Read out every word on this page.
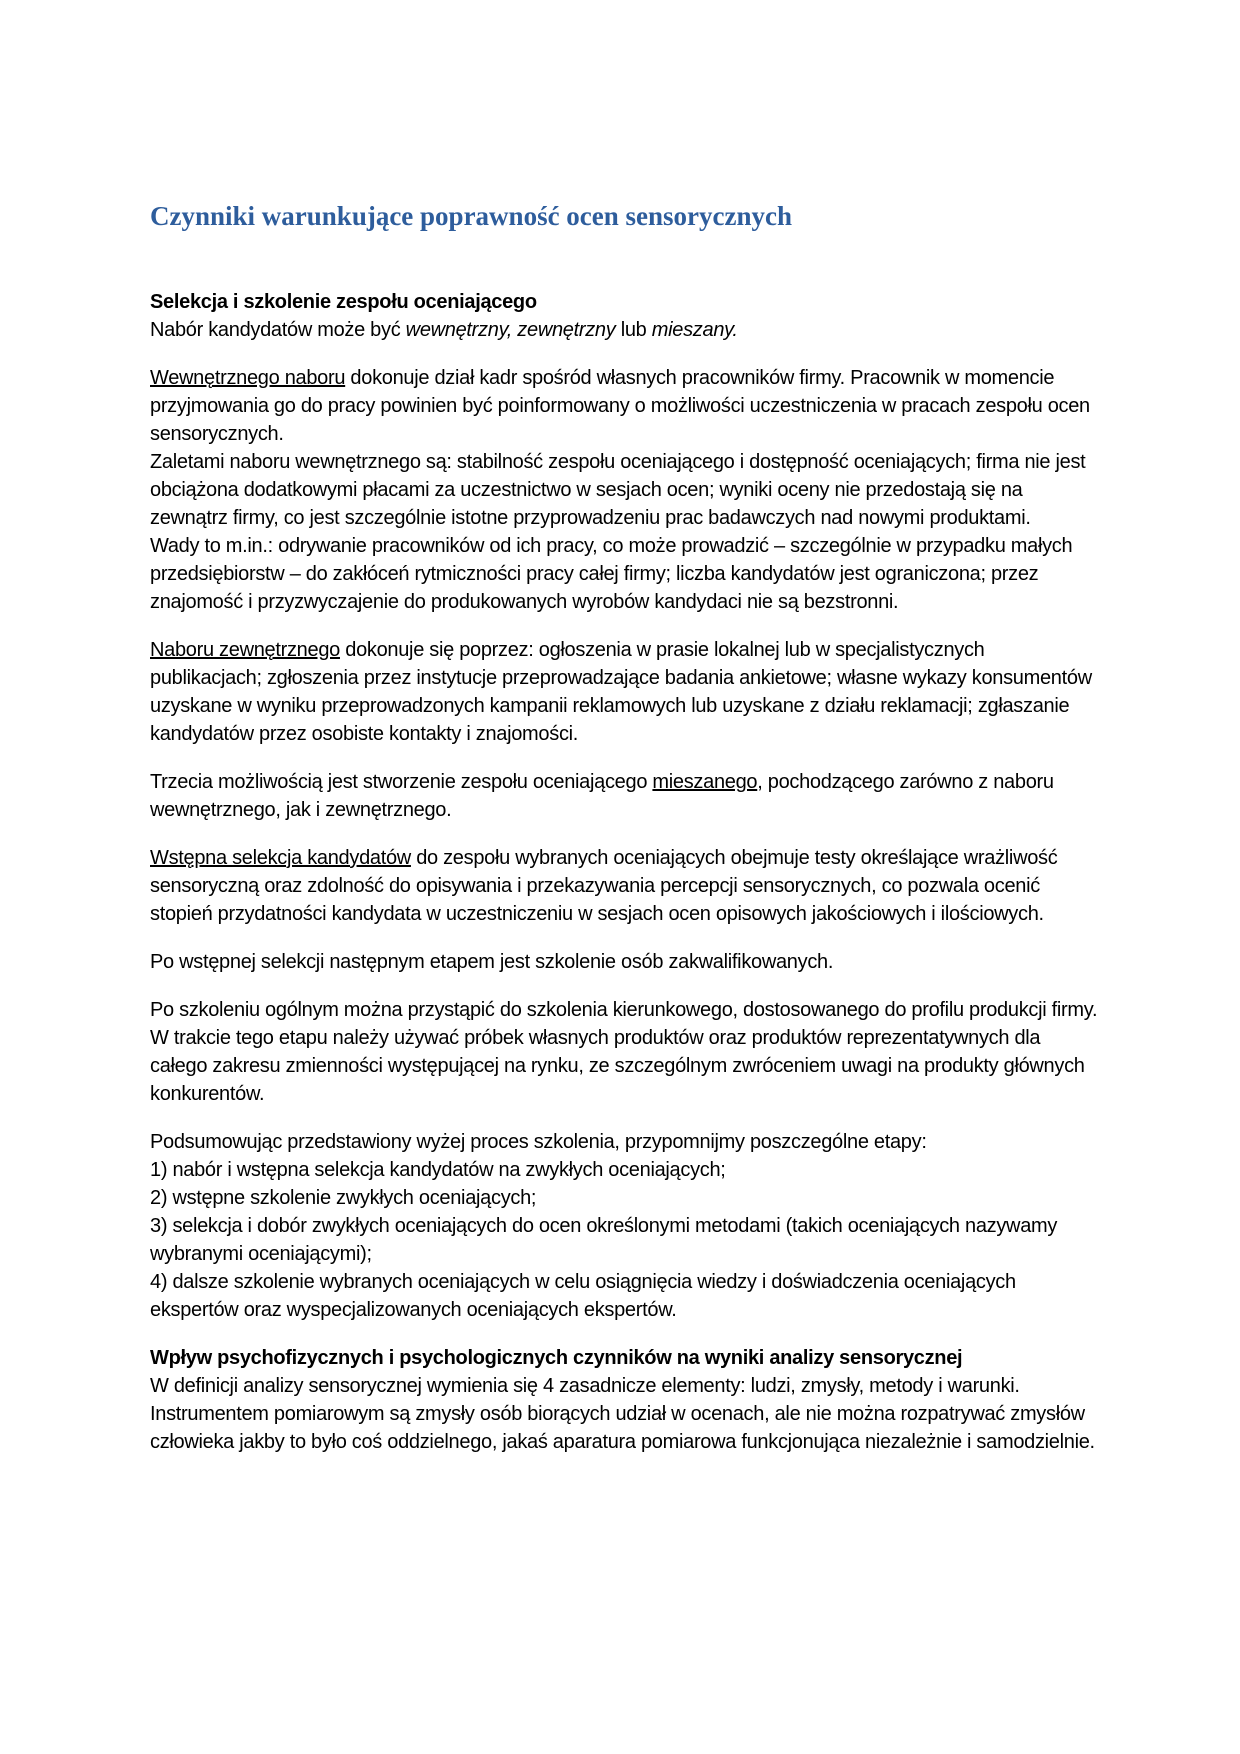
Czynniki warunkujące poprawność ocen sensorycznych

Selekcja i szkolenie zespołu oceniającego
Nabór kandydatów może być wewnętrzny, zewnętrzny lub mieszany.

Wewnętrznego naboru dokonuje dział kadr spośród własnych pracowników firmy. Pracownik w momencie przyjmowania go do pracy powinien być poinformowany o możliwości uczestniczenia w pracach zespołu ocen sensorycznych.
Zaletami naboru wewnętrznego są: stabilność zespołu oceniającego i dostępność oceniających; firma nie jest obciążona dodatkowymi płacami za uczestnictwo w sesjach ocen; wyniki oceny nie przedostają się na zewnątrz firmy, co jest szczególnie istotne przyprowadzeniu prac badawczych nad nowymi produktami.
Wady to m.in.: odrywanie pracowników od ich pracy, co może prowadzić – szczególnie w przypadku małych przedsiębiorstw – do zakłóceń rytmiczności pracy całej firmy; liczba kandydatów jest ograniczona; przez znajomość i przyzwyczajenie do produkowanych wyrobów kandydaci nie są bezstronni.

Naboru zewnętrznego dokonuje się poprzez: ogłoszenia w prasie lokalnej lub w specjalistycznych publikacjach; zgłoszenia przez instytucje przeprowadzające badania ankietowe; własne wykazy konsumentów uzyskane w wyniku przeprowadzonych kampanii reklamowych lub uzyskane z działu reklamacji; zgłaszanie kandydatów przez osobiste kontakty i znajomości.

Trzecia możliwością jest stworzenie zespołu oceniającego mieszanego, pochodzącego zarówno z naboru wewnętrznego, jak i zewnętrznego.

Wstępna selekcja kandydatów do zespołu wybranych oceniających obejmuje testy określające wrażliwość sensoryczną oraz zdolność do opisywania i przekazywania percepcji sensorycznych, co pozwala ocenić stopień przydatności kandydata w uczestniczeniu w sesjach ocen opisowych jakościowych i ilościowych.

Po wstępnej selekcji następnym etapem jest szkolenie osób zakwalifikowanych.

Po szkoleniu ogólnym można przystąpić do szkolenia kierunkowego, dostosowanego do profilu produkcji firmy. W trakcie tego etapu należy używać próbek własnych produktów oraz produktów reprezentatywnych dla całego zakresu zmienności występującej na rynku, ze szczególnym zwróceniem uwagi na produkty głównych konkurentów.

Podsumowując przedstawiony wyżej proces szkolenia, przypomnijmy poszczególne etapy:
1) nabór i wstępna selekcja kandydatów na zwykłych oceniających;
2) wstępne szkolenie zwykłych oceniających;
3) selekcja i dobór zwykłych oceniających do ocen określonymi metodami (takich oceniających nazywamy wybranymi oceniającymi);
4) dalsze szkolenie wybranych oceniających w celu osiągnięcia wiedzy i doświadczenia oceniających ekspertów oraz wyspecjalizowanych oceniających ekspertów.

Wpływ psychofizycznych i psychologicznych czynników na wyniki analizy sensorycznej
W definicji analizy sensorycznej wymienia się 4 zasadnicze elementy: ludzi, zmysły, metody i warunki. Instrumentem pomiarowym są zmysły osób biorących udział w ocenach, ale nie można rozpatrywać zmysłów człowieka jakby to było coś oddzielnego, jakaś aparatura pomiarowa funkcjonująca niezależnie i samodzielnie.
